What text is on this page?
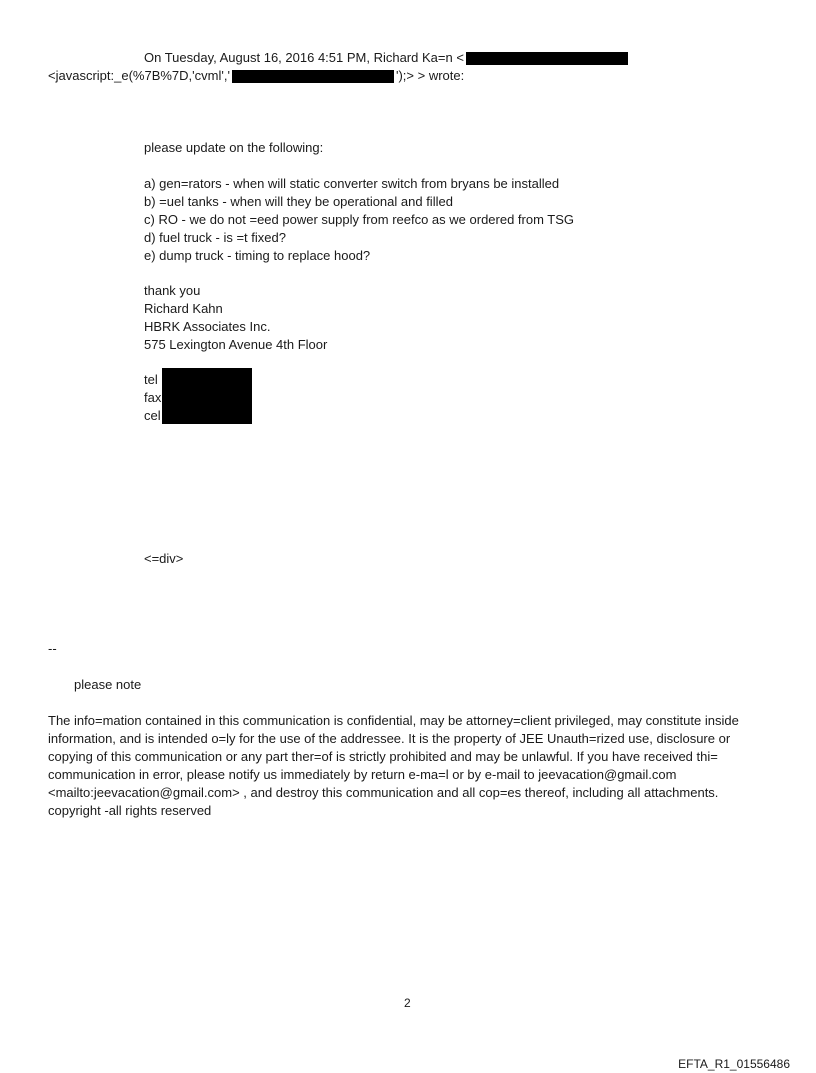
On Tuesday, August 16, 2016 4:51 PM, Richard Ka=n <
<javascript:_e(%7B%7D,'cvml','	');> > wrote:
please update on the following:
a) gen=rators - when will static converter switch from bryans be installed
b) =uel tanks - when will they be operational and filled
c) RO - we do not =eed power supply from reefco as we ordered from TSG
d) fuel truck - is =t fixed?
e) dump truck - timing to replace hood?
thank you
Richard Kahn
HBRK Associates Inc.
575 Lexington Avenue 4th Floor
tel
fax
cel
<=div>
--
please note
The info=mation contained in this communication is confidential, may be attorney=client privileged, may constitute inside information, and is intended o=ly for the use of the addressee. It is the property of JEE Unauth=rized use, disclosure or copying of this communication or any part ther=of is strictly prohibited and may be unlawful. If you have received thi= communication in error, please notify us immediately by return e-ma=l or by e-mail to jeevacation@gmail.com <mailto:jeevacation@gmail.com> , and destroy this communication and all cop=es thereof, including all attachments. copyright -all rights reserved
2
EFTA_R1_01556486
